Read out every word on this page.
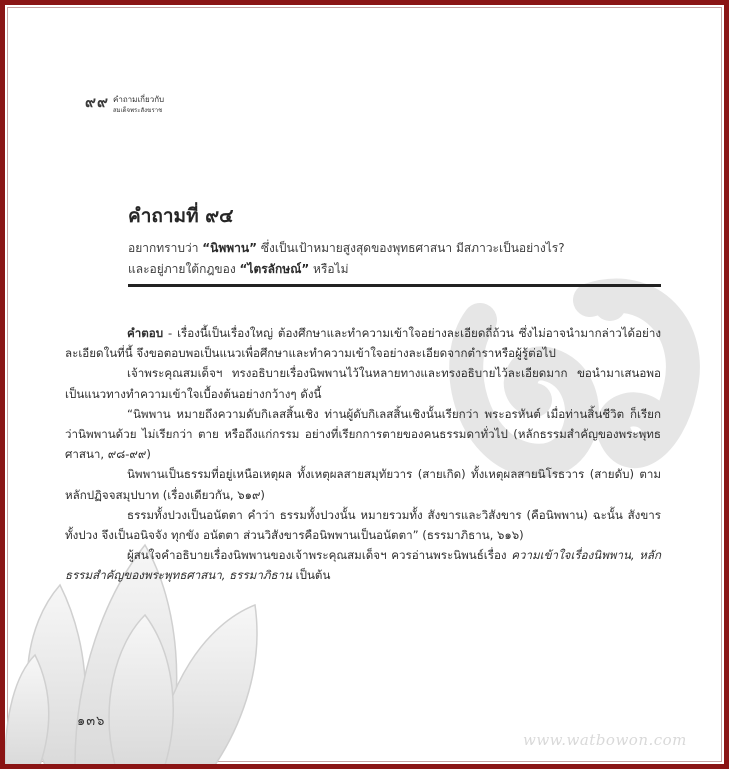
www.watbowon.com
๙๙ คำถามเกี่ยวกับ
สมเด็จพระสังฆราช
คำถามที่ ๙๔
อยากทราบว่า “นิพพาน” ซึ่งเป็นเป้าหมายสูงสุดของพุทธศาสนา มีสภาวะเป็นอย่างไร?
และอยู่ภายใต้กฎของ “ไตรลักษณ์” หรือไม่

คำตอบ - เรื่องนี้เป็นเรื่องใหญ่ ต้องศึกษาและทำความเข้าใจอย่างละเอียดถี่ถ้วน ซึ่งไม่อาจนำมากล่าวได้อย่างละเอียดในที่นี้ จึงขอตอบพอเป็นแนวเพื่อศึกษาและทำความเข้าใจอย่างละเอียดจากตำราหรือผู้รู้ต่อไป

เจ้าพระคุณสมเด็จฯ ทรงอธิบายเรื่องนิพพานไว้ในหลายทางและทรงอธิบายไว้ละเอียดมาก ขอนำมาเสนอพอเป็นแนวทางทำความเข้าใจเบื้องต้นอย่างกว้างๆ ดังนี้

“นิพพาน หมายถึงความดับกิเลสสิ้นเชิง ท่านผู้ดับกิเลสสิ้นเชิงนั้นเรียกว่า พระอรหันต์ เมื่อท่านสิ้นชีวิต ก็เรียกว่านิพพานด้วย ไม่เรียกว่า ตาย หรือถึงแก่กรรม อย่างที่เรียกการตายของคนธรรมดาทั่วไป (หลักธรรมสำคัญของพระพุทธศาสนา, ๙๘-๙๙)

นิพพานเป็นธรรมที่อยู่เหนือเหตุผล ทั้งเหตุผลสายสมุทัยวาร (สายเกิด) ทั้งเหตุผลสายนิโรธวาร (สายดับ) ตามหลักปฏิจจสมุปบาท (เรื่องเดียวกัน, ๖๑๙)

ธรรมทั้งปวงเป็นอนัตตา คำว่า ธรรมทั้งปวงนั้น หมายรวมทั้ง สังขารและวิสังขาร (คือนิพพาน) ฉะนั้น สังขารทั้งปวง จึงเป็นอนิจจัง ทุกขัง อนัตตา ส่วนวิสังขารคือนิพพานเป็นอนัตตา” (ธรรมาภิธาน, ๖๑๖)

ผู้สนใจคำอธิบายเรื่องนิพพานของเจ้าพระคุณสมเด็จฯ ควรอ่านพระนิพนธ์เรื่อง ความเข้าใจเรื่องนิพพาน, หลักธรรมสำคัญของพระพุทธศาสนา, ธรรมาภิธาน เป็นต้น

๑๓๖
